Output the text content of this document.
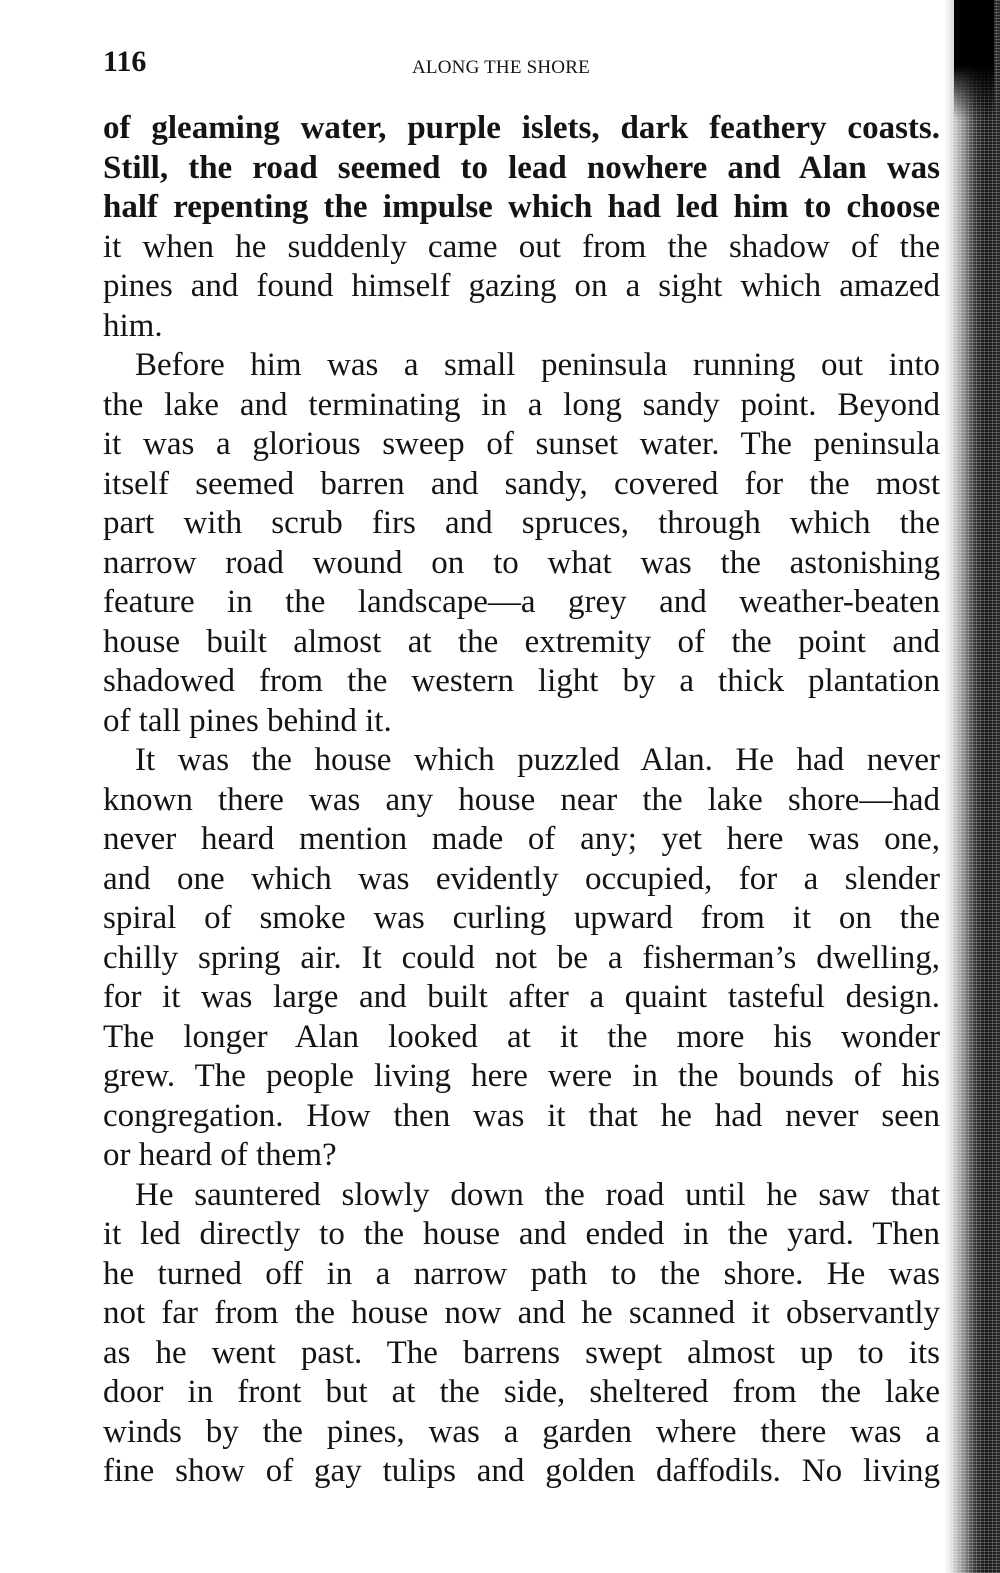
116	ALONG THE SHORE
of gleaming water, purple islets, dark feathery coasts.
Still, the road seemed to lead nowhere and Alan was
half repenting the impulse which had led him to choose
it when he suddenly came out from the shadow of the
pines and found himself gazing on a sight which amazed
him.
Before him was a small peninsula running out into
the lake and terminating in a long sandy point. Beyond
it was a glorious sweep of sunset water. The peninsula
itself seemed barren and sandy, covered for the most
part with scrub firs and spruces, through which the
narrow road wound on to what was the astonishing
feature in the landscape—a grey and weather-beaten
house built almost at the extremity of the point and
shadowed from the western light by a thick plantation
of tall pines behind it.
It was the house which puzzled Alan. He had never
known there was any house near the lake shore—had
never heard mention made of any; yet here was one,
and one which was evidently occupied, for a slender
spiral of smoke was curling upward from it on the
chilly spring air. It could not be a fisherman’s dwelling,
for it was large and built after a quaint tasteful design.
The longer Alan looked at it the more his wonder
grew. The people living here were in the bounds of his
congregation. How then was it that he had never seen
or heard of them?
He sauntered slowly down the road until he saw that
it led directly to the house and ended in the yard. Then
he turned off in a narrow path to the shore. He was
not far from the house now and he scanned it observantly
as he went past. The barrens swept almost up to its
door in front but at the side, sheltered from the lake
winds by the pines, was a garden where there was a
fine show of gay tulips and golden daffodils. No living
